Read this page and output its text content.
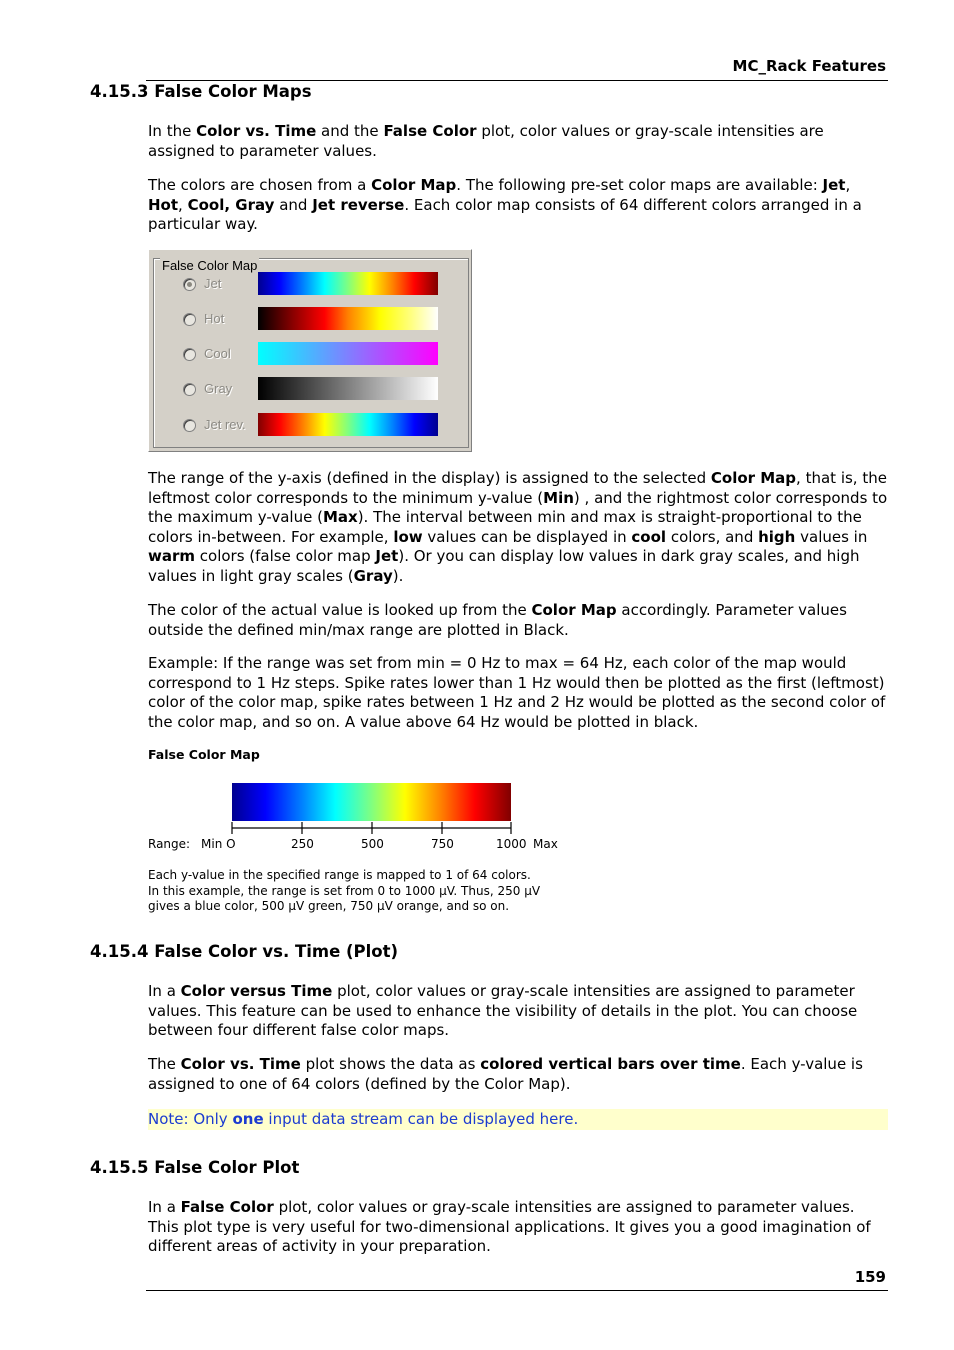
MC_Rack Features
4.15.3 False Color Maps
In the Color vs. Time and the False Color plot, color values or gray-scale intensities are assigned to parameter values.
The colors are chosen from a Color Map. The following pre-set color maps are available: Jet, Hot, Cool, Gray and Jet reverse. Each color map consists of 64 different colors arranged in a particular way.
False Color Map
Jet
Hot
Cool
Gray
Jet rev.
The range of the y-axis (defined in the display) is assigned to the selected Color Map, that is, the leftmost color corresponds to the minimum y-value (Min) , and the rightmost color corresponds to the maximum y-value (Max). The interval between min and max is straight-proportional to the colors in-between. For example, low values can be displayed in cool colors, and high values in warm colors (false color map Jet). Or you can display low values in dark gray scales, and high values in light gray scales (Gray).
The color of the actual value is looked up from the Color Map accordingly. Parameter values outside the defined min/max range are plotted in Black.
Example: If the range was set from min = 0 Hz to max = 64 Hz, each color of the map would correspond to 1 Hz steps. Spike rates lower than 1 Hz would then be plotted as the first (leftmost) color of the color map, spike rates between 1 Hz and 2 Hz would be plotted as the second color of the color map, and so on. A value above 64 Hz would be plotted in black.
False Color Map
Range: Min O	250	500	750	1000 Max
Each y-value in the specified range is mapped to 1 of 64 colors.
In this example, the range is set from 0 to 1000 µV. Thus, 250 µV
gives a blue color, 500 µV green, 750 µV orange, and so on.
4.15.4 False Color vs. Time (Plot)
In a Color versus Time plot, color values or gray-scale intensities are assigned to parameter values. This feature can be used to enhance the visibility of details in the plot. You can choose between four different false color maps.
The Color vs. Time plot shows the data as colored vertical bars over time. Each y-value is assigned to one of 64 colors (defined by the Color Map).
Note: Only one input data stream can be displayed here.
4.15.5 False Color Plot
In a False Color plot, color values or gray-scale intensities are assigned to parameter values. This plot type is very useful for two-dimensional applications. It gives you a good imagination of different areas of activity in your preparation.
159
